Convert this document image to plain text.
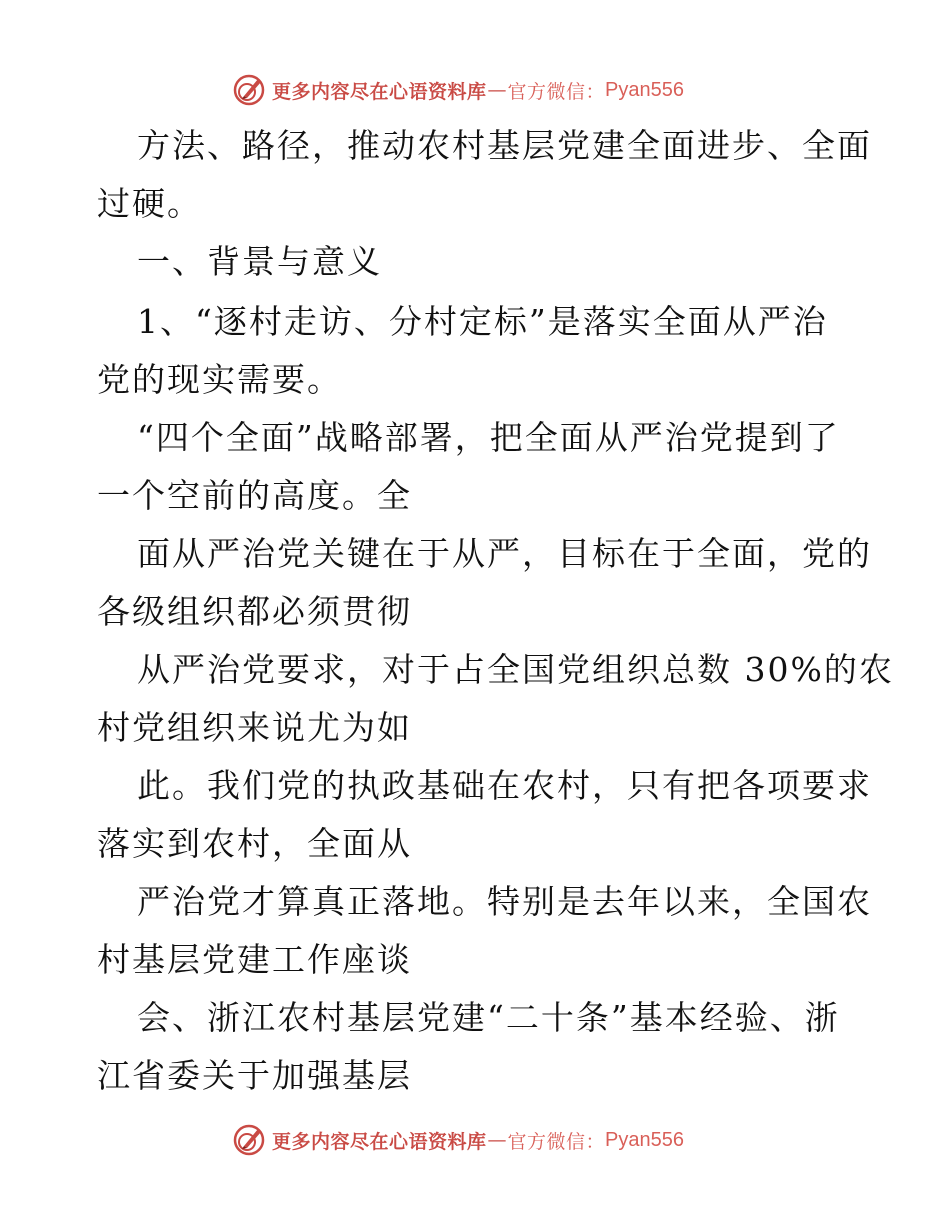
更多内容尽在心语资料库 — 官方微信： Pyan556
方法、路径，推动农村基层党建全面进步、全面
过硬。
一、背景与意义
1、“逐村走访、分村定标”是落实全面从严治
党的现实需要。
“四个全面”战略部署，把全面从严治党提到了
一个空前的高度。全
面从严治党关键在于从严，目标在于全面，党的
各级组织都必须贯彻
从严治党要求，对于占全国党组织总数 30%的农
村党组织来说尤为如
此。我们党的执政基础在农村，只有把各项要求
落实到农村，全面从
严治党才算真正落地。特别是去年以来，全国农
村基层党建工作座谈
会、浙江农村基层党建“二十条”基本经验、浙
江省委关于加强基层
更多内容尽在心语资料库 — 官方微信： Pyan556
